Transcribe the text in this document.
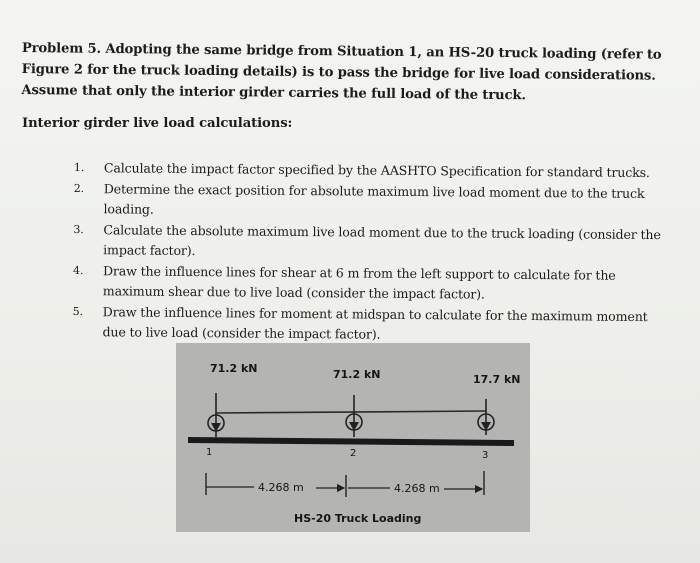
Problem 5. Adopting the same bridge from Situation 1, an HS-20 truck loading (refer to Figure 2 for the truck loading details) is to pass the bridge for live load considerations. Assume that only the interior girder carries the full load of the truck.
Interior girder live load calculations:
1.	Calculate the impact factor specified by the AASHTO Specification for standard trucks.
2.	Determine the exact position for absolute maximum live load moment due to the truck loading.
3.	Calculate the absolute maximum live load moment due to the truck loading (consider the impact factor).
4.	Draw the influence lines for shear at 6 m from the left support to calculate for the maximum shear due to live load (consider the impact factor).
5.	Draw the influence lines for moment at midspan to calculate for the maximum moment due to live load (consider the impact factor).
71.2 kN	71.2 kN	17.7 kN
1	2	3
4.268 m	4.268 m
HS-20 Truck Loading
